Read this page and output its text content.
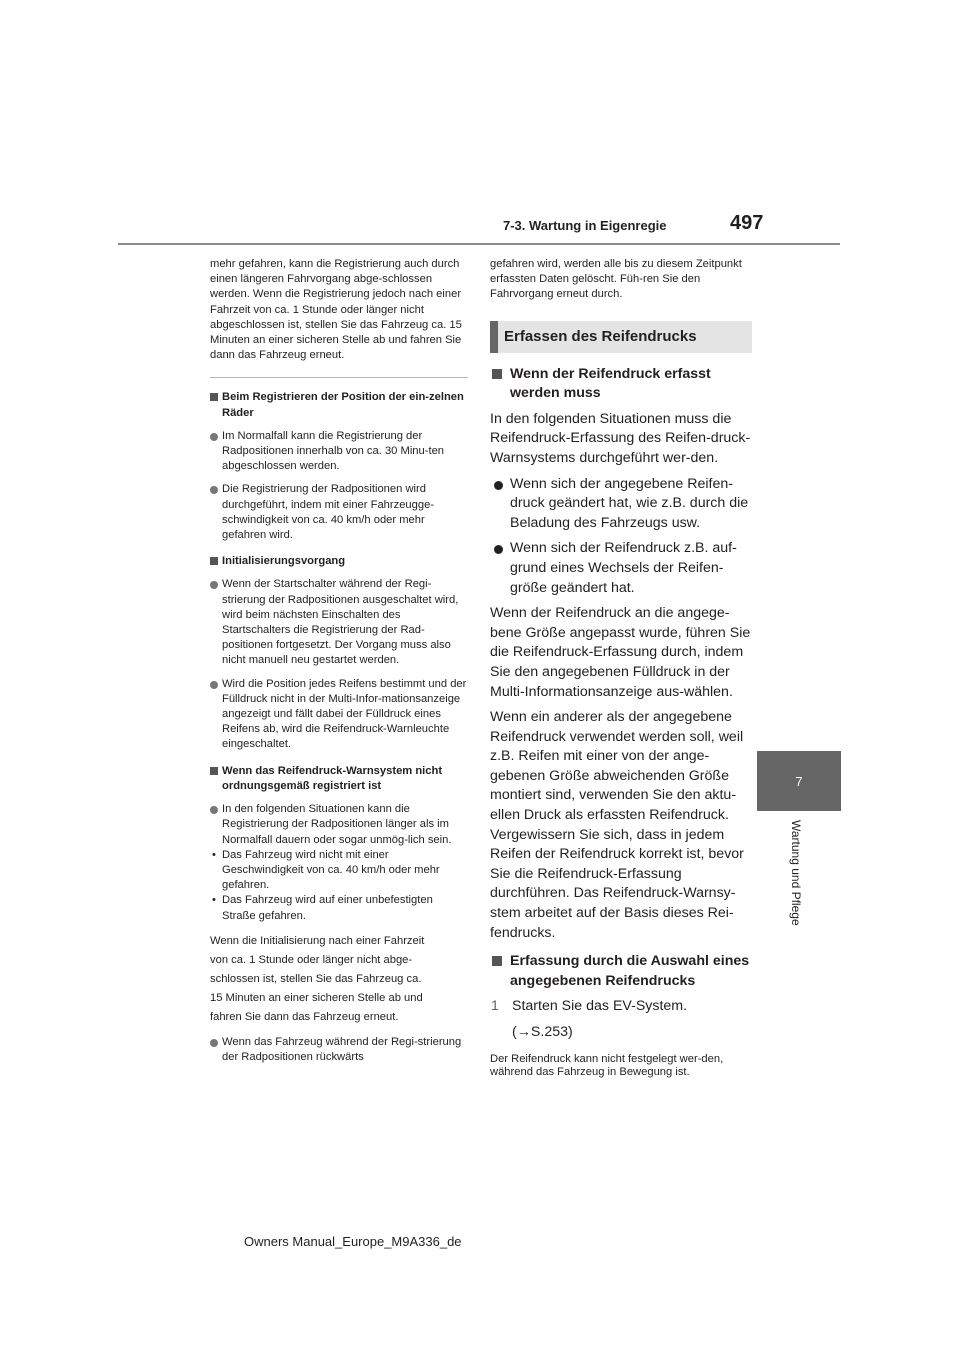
7-3. Wartung in Eigenregie	497
7
Wartung und Pflege

mehr gefahren, kann die Registrierung auch durch einen längeren Fahrvorgang abge-schlossen werden. Wenn die Registrierung jedoch nach einer Fahrzeit von ca. 1 Stunde oder länger nicht abgeschlossen ist, stellen Sie das Fahrzeug ca. 15 Minuten an einer sicheren Stelle ab und fahren Sie dann das Fahrzeug erneut.

Beim Registrieren der Position der ein-zelnen Räder

Im Normalfall kann die Registrierung der Radpositionen innerhalb von ca. 30 Minu-ten abgeschlossen werden.

Die Registrierung der Radpositionen wird durchgeführt, indem mit einer Fahrzeugge-schwindigkeit von ca. 40 km/h oder mehr gefahren wird.

Initialisierungsvorgang

Wenn der Startschalter während der Regi-strierung der Radpositionen ausgeschaltet wird, wird beim nächsten Einschalten des Startschalters die Registrierung der Rad-positionen fortgesetzt. Der Vorgang muss also nicht manuell neu gestartet werden.

Wird die Position jedes Reifens bestimmt und der Fülldruck nicht in der Multi-Infor-mationsanzeige angezeigt und fällt dabei der Fülldruck eines Reifens ab, wird die Reifendruck-Warnleuchte eingeschaltet.

Wenn das Reifendruck-Warnsystem nicht ordnungsgemäß registriert ist

In den folgenden Situationen kann die Registrierung der Radpositionen länger als im Normalfall dauern oder sogar unmög-lich sein.

• Das Fahrzeug wird nicht mit einer Geschwindigkeit von ca. 40 km/h oder mehr gefahren.

• Das Fahrzeug wird auf einer unbefestigten Straße gefahren.

Wenn die Initialisierung nach einer Fahrzeit

von ca. 1 Stunde oder länger nicht abge-

schlossen ist, stellen Sie das Fahrzeug ca.

15 Minuten an einer sicheren Stelle ab und

fahren Sie dann das Fahrzeug erneut.

Wenn das Fahrzeug während der Regi-strierung der Radpositionen rückwärts

gefahren wird, werden alle bis zu diesem Zeitpunkt erfassten Daten gelöscht. Füh-ren Sie den Fahrvorgang erneut durch.

Erfassen des Reifendrucks

Wenn der Reifendruck erfasst werden muss

In den folgenden Situationen muss die Reifendruck-Erfassung des Reifen-druck-Warnsystems durchgeführt wer-den.

Wenn sich der angegebene Reifen-druck geändert hat, wie z.B. durch die Beladung des Fahrzeugs usw.

Wenn sich der Reifendruck z.B. auf-grund eines Wechsels der Reifen-größe geändert hat.

Wenn der Reifendruck an die angege-bene Größe angepasst wurde, führen Sie die Reifendruck-Erfassung durch, indem Sie den angegebenen Fülldruck in der Multi-Informationsanzeige aus-wählen.

Wenn ein anderer als der angegebene Reifendruck verwendet werden soll, weil z.B. Reifen mit einer von der ange-gebenen Größe abweichenden Größe montiert sind, verwenden Sie den aktu-ellen Druck als erfassten Reifendruck. Vergewissern Sie sich, dass in jedem Reifen der Reifendruck korrekt ist, bevor Sie die Reifendruck-Erfassung durchführen. Das Reifendruck-Warnsy-stem arbeitet auf der Basis dieses Rei-fendrucks.

Erfassung durch die Auswahl eines angegebenen Reifendrucks

1 Starten Sie das EV-System.

(→S.253)

Der Reifendruck kann nicht festgelegt wer-den, während das Fahrzeug in Bewegung ist.

Owners Manual_Europe_M9A336_de
